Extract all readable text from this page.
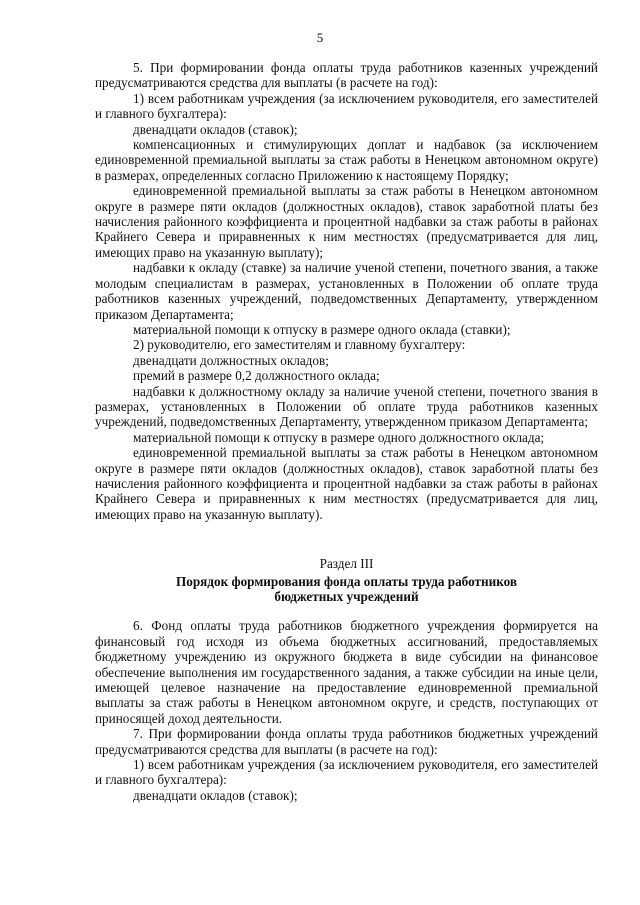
5

5. При формировании фонда оплаты труда работников казенных учреждений предусматриваются средства для выплаты (в расчете на год):

1) всем работникам учреждения (за исключением руководителя, его заместителей и главного бухгалтера):

двенадцати окладов (ставок);

компенсационных и стимулирующих доплат и надбавок (за исключением единовременной премиальной выплаты за стаж работы в Ненецком автономном округе) в размерах, определенных согласно Приложению к настоящему Порядку;

единовременной премиальной выплаты за стаж работы в Ненецком автономном округе в размере пяти окладов (должностных окладов), ставок заработной платы без начисления районного коэффициента и процентной надбавки за стаж работы в районах Крайнего Севера и приравненных к ним местностях (предусматривается для лиц, имеющих право на указанную выплату);

надбавки к окладу (ставке) за наличие ученой степени, почетного звания, а также молодым специалистам в размерах, установленных в Положении об оплате труда работников казенных учреждений, подведомственных Департаменту, утвержденном приказом Департамента;

материальной помощи к отпуску в размере одного оклада (ставки);

2) руководителю, его заместителям и главному бухгалтеру:

двенадцати должностных окладов;

премий в размере 0,2 должностного оклада;

надбавки к должностному окладу за наличие ученой степени, почетного звания в размерах, установленных в Положении об оплате труда работников казенных учреждений, подведомственных Департаменту, утвержденном приказом Департамента;

материальной помощи к отпуску в размере одного должностного оклада;

единовременной премиальной выплаты за стаж работы в Ненецком автономном округе в размере пяти окладов (должностных окладов), ставок заработной платы без начисления районного коэффициента и процентной надбавки за стаж работы в районах Крайнего Севера и приравненных к ним местностях (предусматривается для лиц, имеющих право на указанную выплату).

Раздел III

Порядок формирования фонда оплаты труда работников

бюджетных учреждений

6. Фонд оплаты труда работников бюджетного учреждения формируется на финансовый год исходя из объема бюджетных ассигнований, предоставляемых бюджетному учреждению из окружного бюджета в виде субсидии на финансовое обеспечение выполнения им государственного задания, а также субсидии на иные цели, имеющей целевое назначение на предоставление единовременной премиальной выплаты за стаж работы в Ненецком автономном округе, и средств, поступающих от приносящей доход деятельности.

7. При формировании фонда оплаты труда работников бюджетных учреждений предусматриваются средства для выплаты (в расчете на год):

1) всем работникам учреждения (за исключением руководителя, его заместителей и главного бухгалтера):

двенадцати окладов (ставок);
